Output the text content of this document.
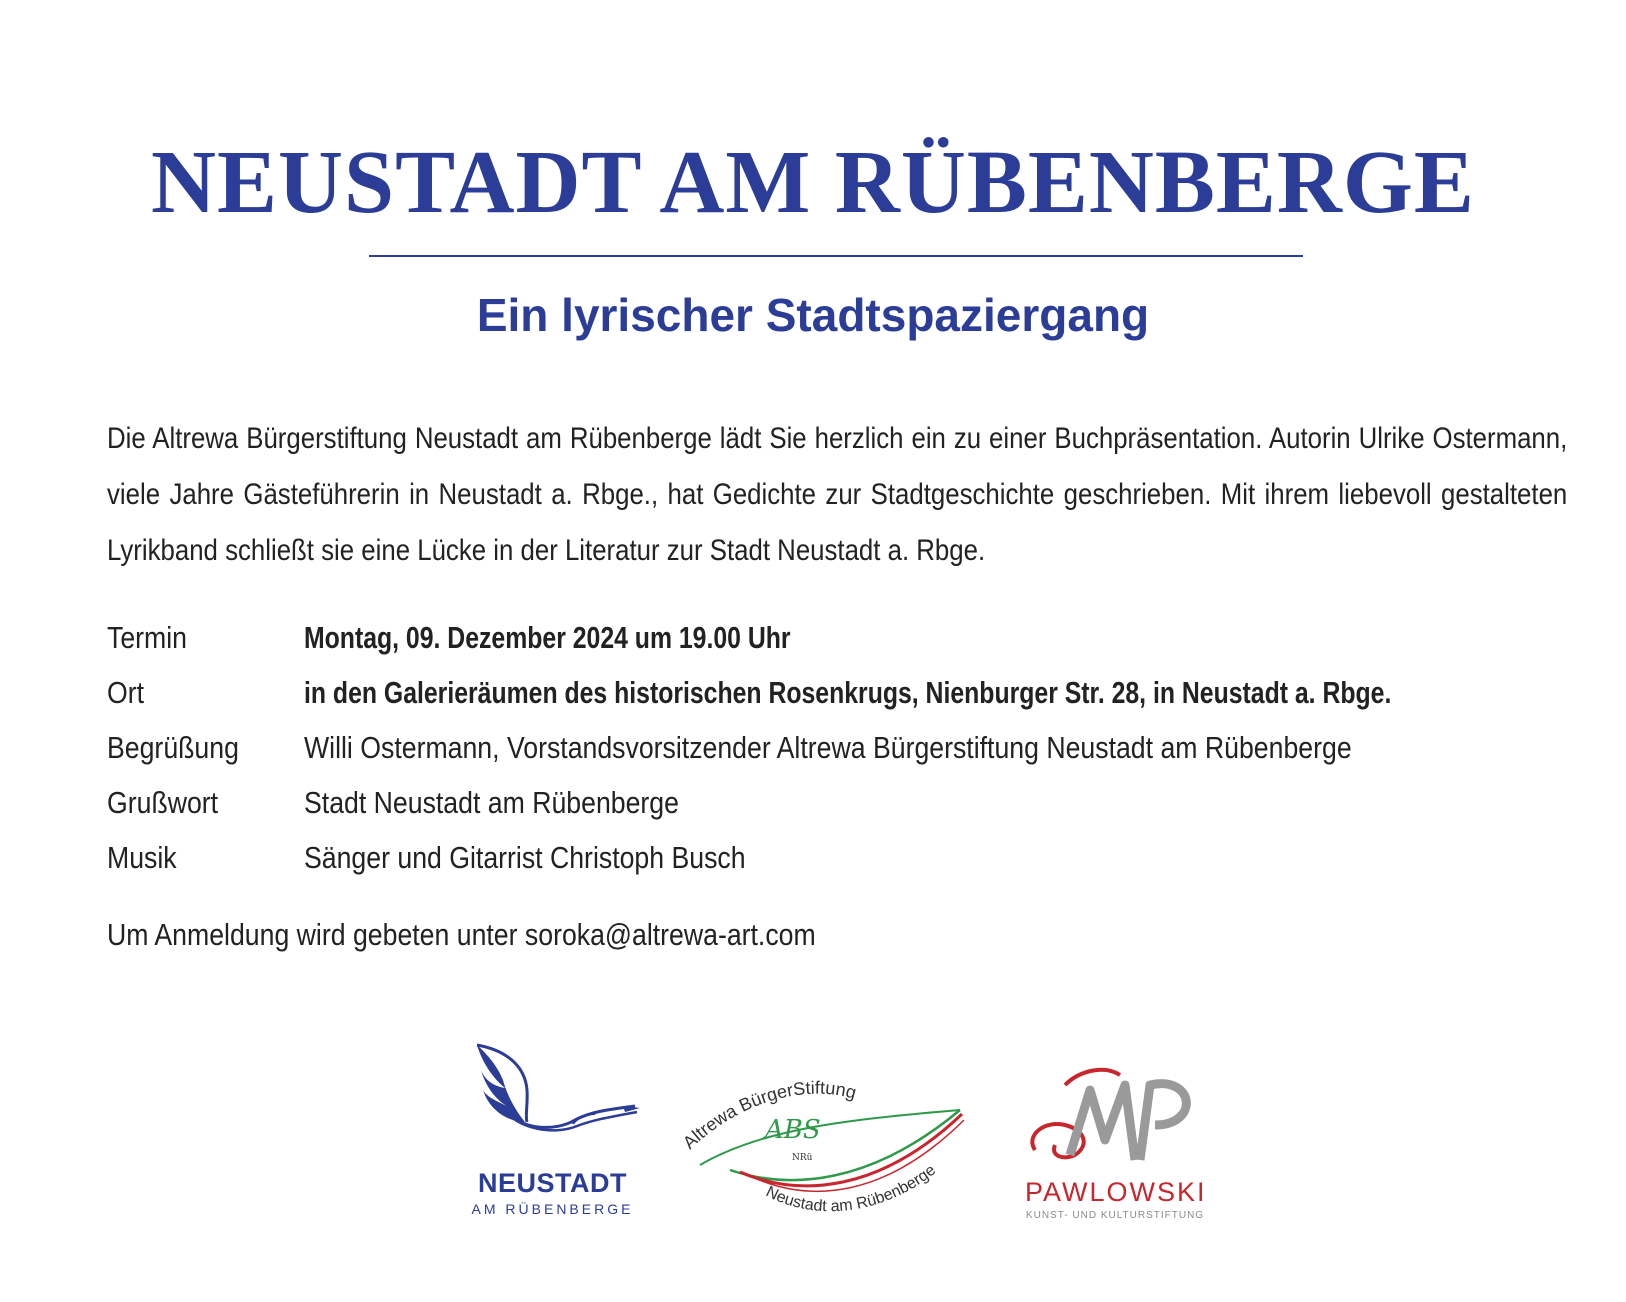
NEUSTADT AM RÜBENBERGE
Ein lyrischer Stadtspaziergang

Die Altrewa Bürgerstiftung Neustadt am Rübenberge lädt Sie herzlich ein zu einer Buchpräsentation. Autorin Ulrike Ostermann, viele Jahre Gästeführerin in Neustadt a. Rbge., hat Gedichte zur Stadtgeschichte geschrieben. Mit ihrem liebevoll gestalteten Lyrikband schließt sie eine Lücke in der Literatur zur Stadt Neustadt a. Rbge.

Termin	Montag, 09. Dezember 2024 um 19.00 Uhr
Ort	in den Galerieräumen des historischen Rosenkrugs, Nienburger Str. 28, in Neustadt a. Rbge.
Begrüßung Willi Ostermann, Vorstandsvorsitzender Altrewa Bürgerstiftung Neustadt am Rübenberge
Grußwort	Stadt Neustadt am Rübenberge
Musik	Sänger und Gitarrist Christoph Busch
Um Anmeldung wird gebeten unter soroka@altrewa-art.com
NEUSTADT
AM RÜBENBERGE
Altrewa BürgerStiftung
ABS
NRü
Neustadt am Rübenberge
PAWLOWSKI
KUNST- UND KULTURSTIFTUNG
